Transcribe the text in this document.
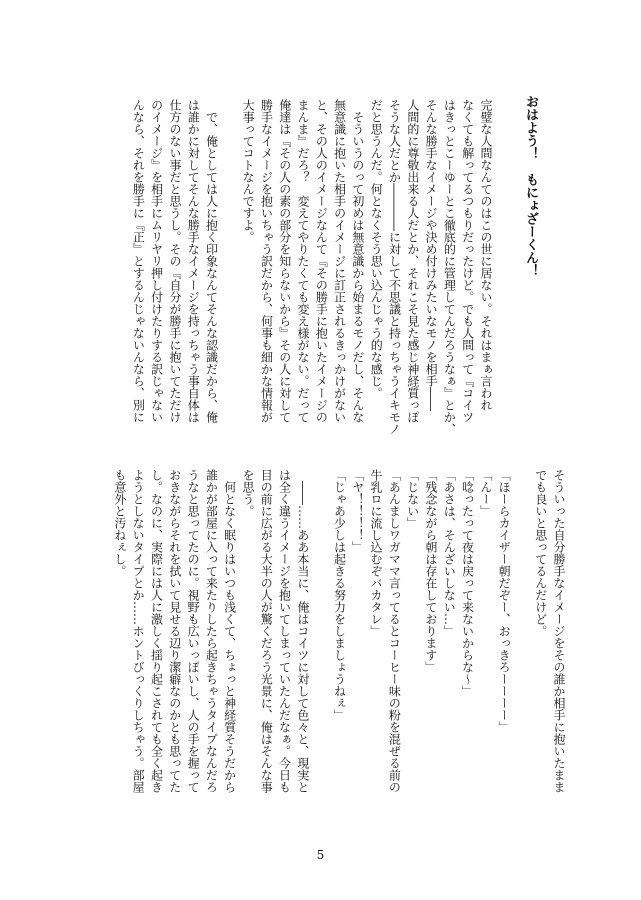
おはよう！　もにょざーくん！
完璧な人間なんてのはこの世に居ない。それはまぁ言われ
なくても解ってるつもりだったけど。でも人間って『コイツ
はきっとこーゆーとこ徹底的に管理してんだろうなぁ』とか、
そんな勝手なイメージや決め付けみたいなモノを相手――
人間的に尊敬出来る人だとか、それこそ見た感じ神経質っぽ
そうな人だとか――――に対して不思議と持っちゃうイキモノ
だと思うんだ。何となくそう思い込んじゃう的な感じ。
　そういうのって初めは無意識から始まるモノだし、そんな
無意識に抱いた相手のイメージに訂正されるきっかけがない
と、その人のイメージなんて『その勝手に抱いたイメージの
まんま』だろ？　変えてやりたくても変え様がない。だって
俺達は『その人の素の部分を知らないから』その人に対して
勝手なイメージを抱いちゃう訳だから、何事も細かな情報が
大事ってコトなんですよ。

　で、俺としては人に抱く印象なんてそんな認識だから、俺
は誰かに対してそんな勝手なイメージを持っちゃう事自体は
仕方のない事だと思うし。その『自分が勝手に抱いてただけ
のイメージ』を相手にムリヤリ押し付けたりする訳じゃない
んなら、それを勝手に『正』とするんじゃないんなら、別に
そういった自分勝手なイメージをその誰か相手に抱いたまま
でも良いと思ってるんだけど。

「ほーらカイザー朝だぞー、おっきろーーーー」
「んー」
「唸ったって夜は戻って来ないからな〜」
「あさは、そんざいしない…」
「残念ながら朝は存在しております」
「じない」
「あんましワガママ言ってるとコーヒー味の粉を混ぜる前の
牛乳ロに流し込むぞバカタレ」
「ヤ！！！！」
「じゃあ少しは起きる努力をしましょうねぇ」

　――……ああ本当に、俺はコイツに対して色々と、現実と
は全く違うイメージを抱いてしまっていたんだなぁ。今日も
目の前に広がる大半の人が驚くだろう光景に、俺はそんな事
を思う。
　何となく眠りはいつも浅くて、ちょっと神経質そうだから
誰かが部屋に入って来たりしたら起きちゃうタイプなんだろ
うなと思ってたのに。視野も広いっぽいし、人の手を握って
おきながらそれを拭いて見せる辺り潔癖なのかとも思ってた
し。なのに、実際には人に激しく揺り起こされても全く起き
ようとしないタイプとか……ホントびっくりしちゃう。部屋
も意外と汚ねぇし。
5
